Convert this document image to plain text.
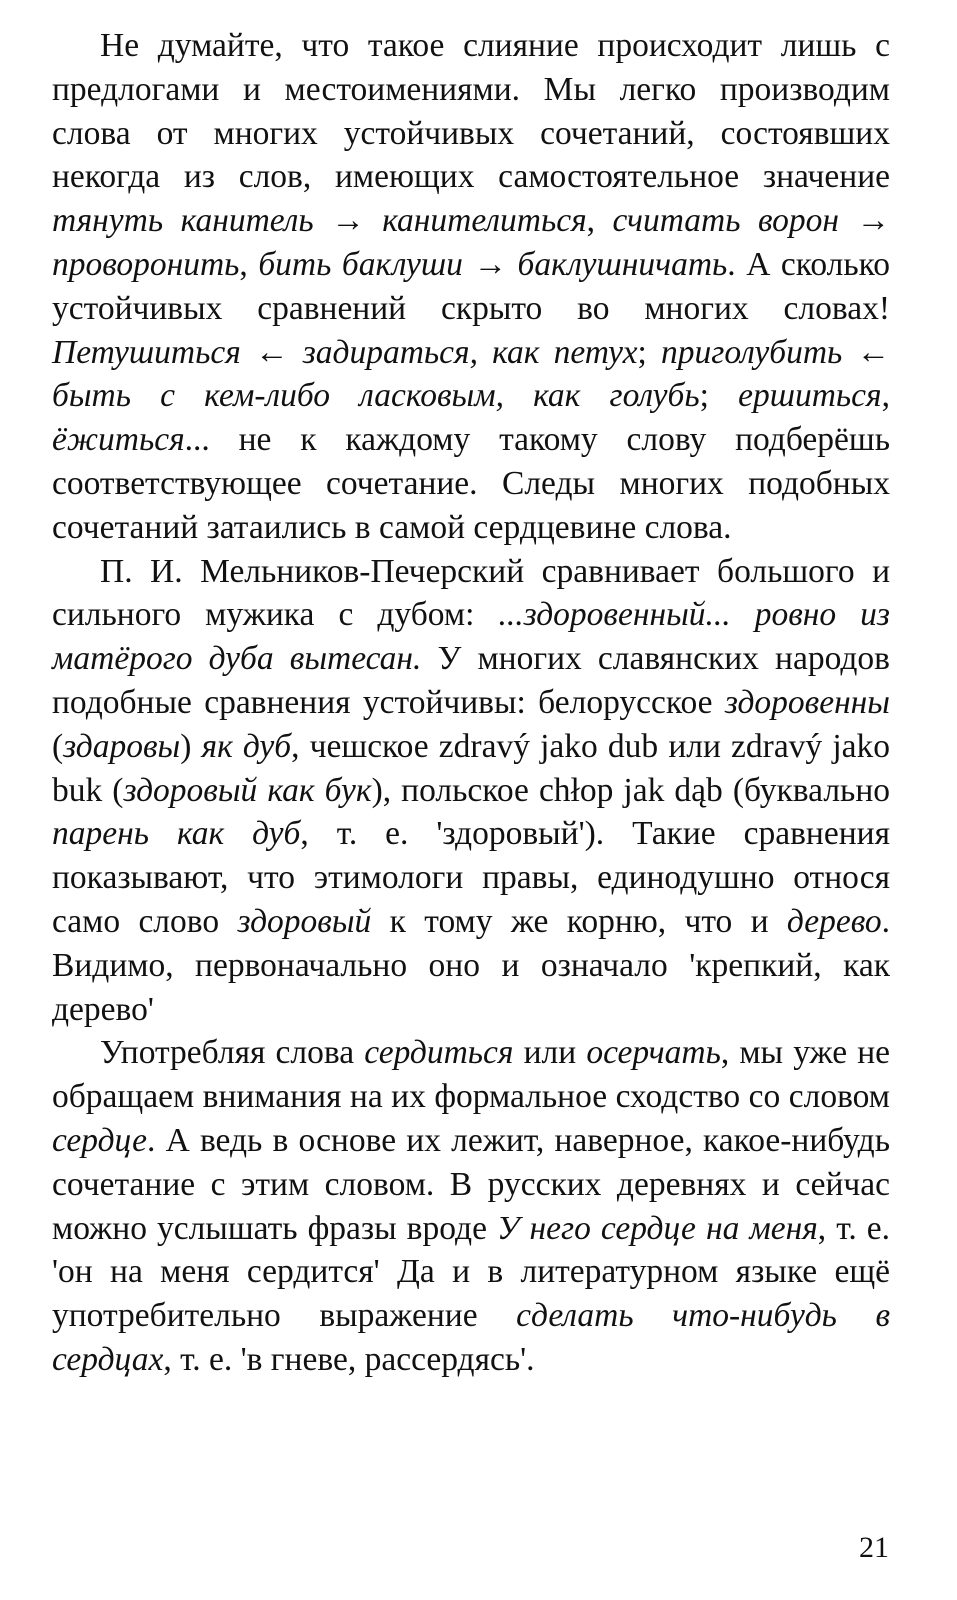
Не думайте, что такое слияние происходит лишь с предлогами и местоимениями. Мы легко производим слова от многих устойчивых сочетаний, состоявших некогда из слов, имеющих самостоятельное значение тянуть канитель → канителиться, считать ворон → проворонить, бить баклуши → баклушничать. А сколько устойчивых сравнений скрыто во многих словах! Петушиться ← задираться, как петух; приголубить ← быть с кем-либо ласковым, как голубь; ершиться, ёжиться... не к каждому такому слову подберёшь соответствующее сочетание. Следы многих подобных сочетаний затаились в самой сердцевине слова.

П. И. Мельников-Печерский сравнивает большого и сильного мужика с дубом: ...здоровенный... ровно из матёрого дуба вытесан. У многих славянских народов подобные сравнения устойчивы: белорусское здоровенны (здаровы) як дуб, чешское zdravý jako dub или zdravý jako buk (здоровый как бук), польское chłop jak dąb (буквально парень как дуб, т. е. 'здоровый'). Такие сравнения показывают, что этимологи правы, единодушно относя само слово здоровый к тому же корню, что и дерево. Видимо, первоначально оно и означало 'крепкий, как дерево'

Употребляя слова сердиться или осерчать, мы уже не обращаем внимания на их формальное сходство со словом сердце. А ведь в основе их лежит, наверное, какое-нибудь сочетание с этим словом. В русских деревнях и сейчас можно услышать фразы вроде У него сердце на меня, т. е. 'он на меня сердится' Да и в литературном языке ещё употребительно выражение сделать что-нибудь в сердцах, т. е. 'в гневе, рассердясь'.

21
